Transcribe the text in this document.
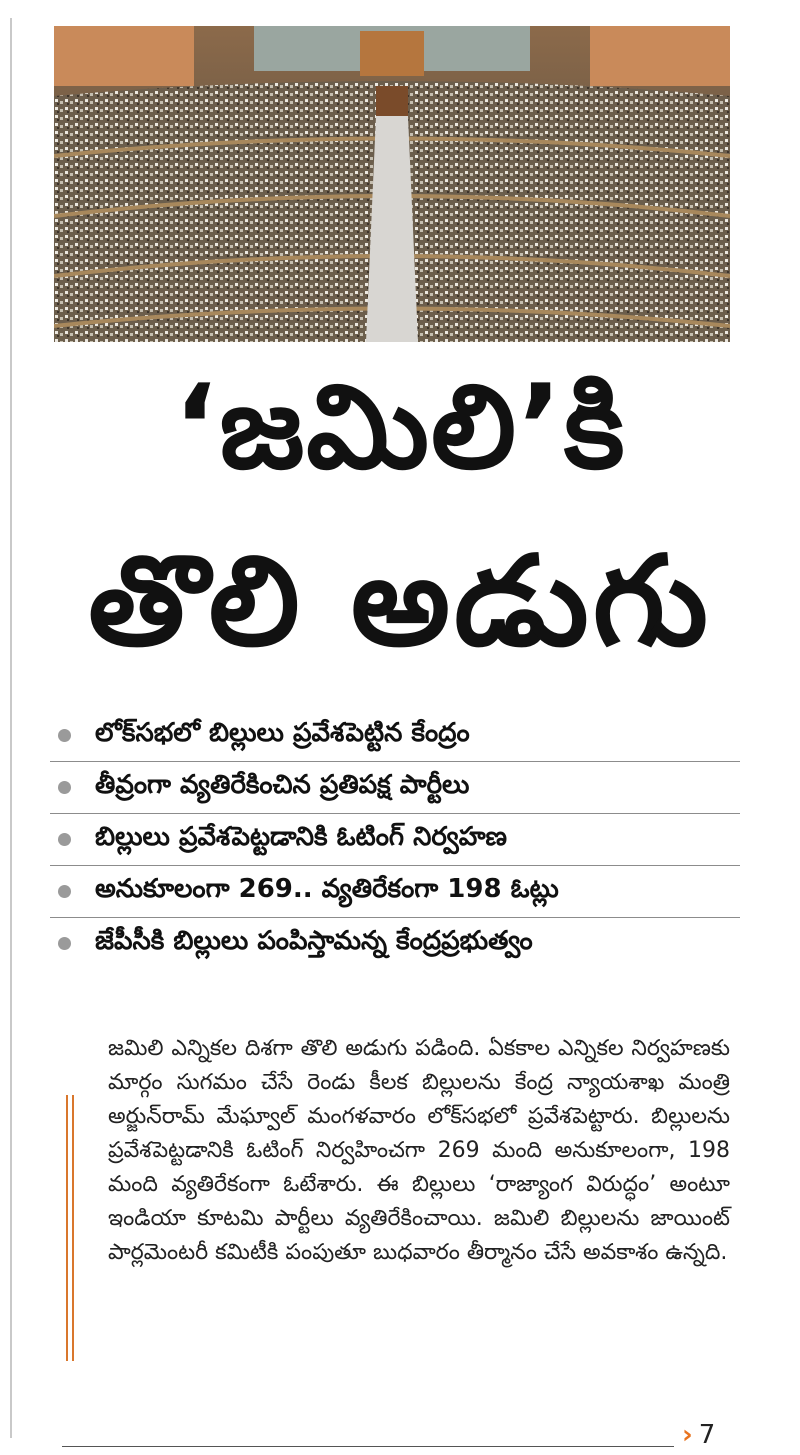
‘జమిలి’కి
తొలి అడుగు
లోక్‌సభలో బిల్లులు ప్రవేశపెట్టిన కేంద్రం
తీవ్రంగా వ్యతిరేకించిన ప్రతిపక్ష పార్టీలు
బిల్లులు ప్రవేశపెట్టడానికి ఓటింగ్ నిర్వహణ
అనుకూలంగా 269.. వ్యతిరేకంగా 198 ఓట్లు
జేపీసీకి బిల్లులు పంపిస్తామన్న కేంద్రప్రభుత్వం

జమిలి ఎన్నికల దిశగా తొలి అడుగు పడింది. ఏకకాల ఎన్నికల నిర్వహణకు మార్గం సుగమం చేసే రెండు కీలక బిల్లులను కేంద్ర న్యాయశాఖ మంత్రి అర్జున్‌రామ్ మేఘ్వాల్ మంగళవారం లోక్‌సభలో ప్రవేశపెట్టారు. బిల్లులను ప్రవేశపెట్టడానికి ఓటింగ్ నిర్వహించగా 269 మంది అనుకూలంగా, 198 మంది వ్యతిరేకంగా ఓటేశారు. ఈ బిల్లులు ‘రాజ్యాంగ విరుద్ధం’ అంటూ ఇండియా కూటమి పార్టీలు వ్యతిరేకించాయి. జమిలి బిల్లులను జాయింట్ పార్లమెంటరీ కమిటీకి పంపుతూ బుధవారం తీర్మానం చేసే అవకాశం ఉన్నది.

› 7
